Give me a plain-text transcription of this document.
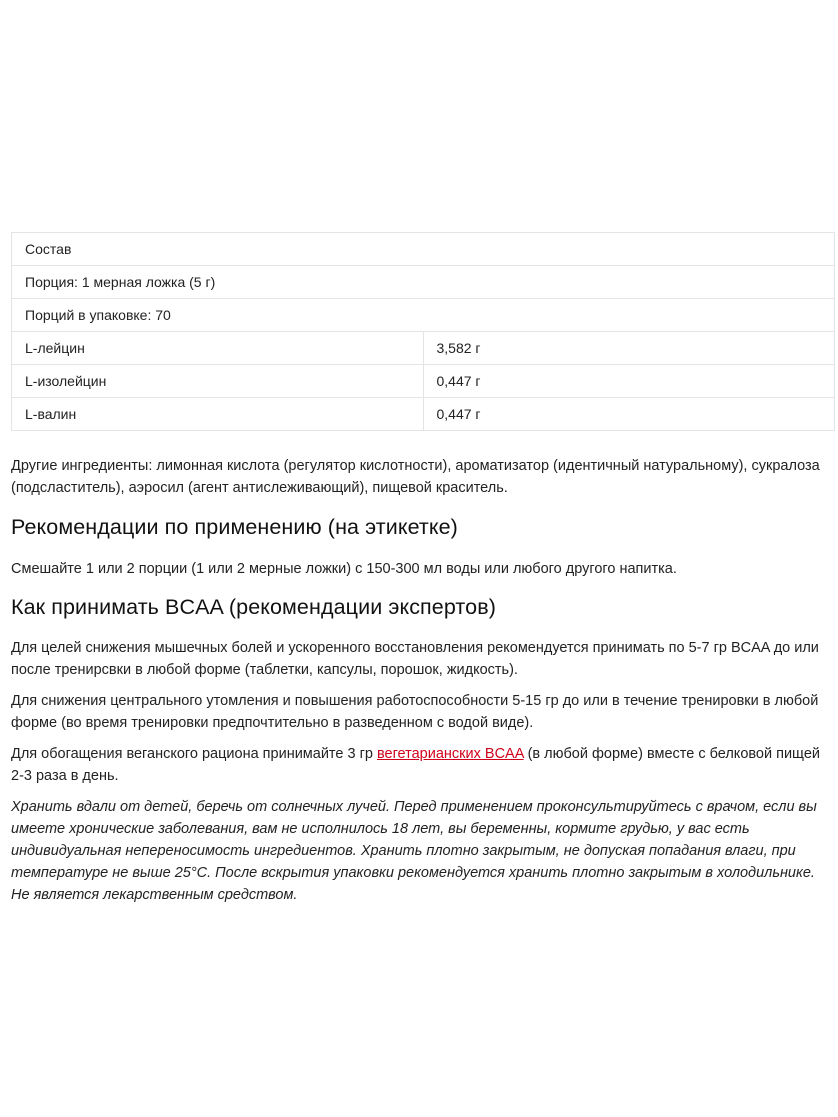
Состав	
Порция: 1 мерная ложка (5 г)	
Порций в упаковке: 70	
L-лейцин	3,582 г
L-изолейцин	0,447 г
L-валин	0,447 г

Другие ингредиенты: лимонная кислота (регулятор кислотности), ароматизатор (идентичный натуральному), сукралоза (подсластитель), аэросил (агент антислеживающий), пищевой краситель.

Рекомендации по применению (на этикетке)

Смешайте 1 или 2 порции (1 или 2 мерные ложки) с 150-300 мл воды или любого другого напитка.

Как принимать BCAA (рекомендации экспертов)

Для целей снижения мышечных болей и ускоренного восстановления рекомендуется принимать по 5-7 гр BCAA до или после тренирсвки в любой форме (таблетки, капсулы, порошок, жидкость).

Для снижения центрального утомления и повышения работоспособности 5-15 гр до или в течение тренировки в любой форме (во время тренировки предпочтительно в разведенном с водой виде).

Для обогащения веганского рациона принимайте 3 гр вегетарианских BCAA (в любой форме) вместе с белковой пищей 2-3 раза в день.

Хранить вдали от детей, беречь от солнечных лучей. Перед применением проконсультируйтесь с врачом, если вы имеете хронические заболевания, вам не исполнилось 18 лет, вы беременны, кормите грудью, у вас есть индивидуальная непереносимость ингредиентов. Хранить плотно закрытым, не допуская попадания влаги, при температуре не выше 25°С. После вскрытия упаковки рекомендуется хранить плотно закрытым в холодильнике. Не является лекарственным средством.
